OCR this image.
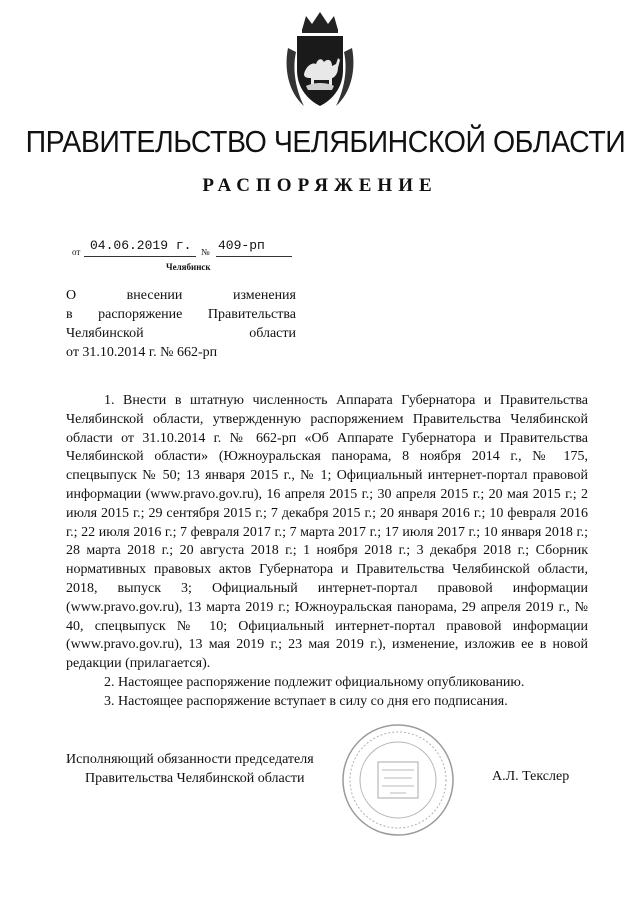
ПРАВИТЕЛЬСТВО ЧЕЛЯБИНСКОЙ ОБЛАСТИ
РАСПОРЯЖЕНИЕ
от 04.06.2019 г. № 409-рп
Челябинск
О внесении изменения
в распоряжение Правительства
Челябинской области
от 31.10.2014 г. № 662-рп

1. Внести в штатную численность Аппарата Губернатора и Правительства Челябинской области, утвержденную распоряжением Правительства Челябинской области от 31.10.2014 г. № 662-рп «Об Аппарате Губернатора и Правительства Челябинской области» (Южноуральская панорама, 8 ноября 2014 г., № 175, спецвыпуск № 50; 13 января 2015 г., № 1; Официальный интернет-портал правовой информации (www.pravo.gov.ru), 16 апреля 2015 г.; 30 апреля 2015 г.; 20 мая 2015 г.; 2 июля 2015 г.; 29 сентября 2015 г.; 7 декабря 2015 г.; 20 января 2016 г.; 10 февраля 2016 г.; 22 июля 2016 г.; 7 февраля 2017 г.; 7 марта 2017 г.; 17 июля 2017 г.; 10 января 2018 г.; 28 марта 2018 г.; 20 августа 2018 г.; 1 ноября 2018 г.; 3 декабря 2018 г.; Сборник нормативных правовых актов Губернатора и Правительства Челябинской области, 2018, выпуск 3; Официальный интернет-портал правовой информации (www.pravo.gov.ru), 13 марта 2019 г.; Южноуральская панорама, 29 апреля 2019 г., № 40, спецвыпуск № 10; Официальный интернет-портал правовой информации (www.pravo.gov.ru), 13 мая 2019 г.; 23 мая 2019 г.), изменение, изложив ее в новой редакции (прилагается).

2. Настоящее распоряжение подлежит официальному опубликованию.

3. Настоящее распоряжение вступает в силу со дня его подписания.

Исполняющий обязанности председателя
Правительства Челябинской области	А.Л. Текслер
